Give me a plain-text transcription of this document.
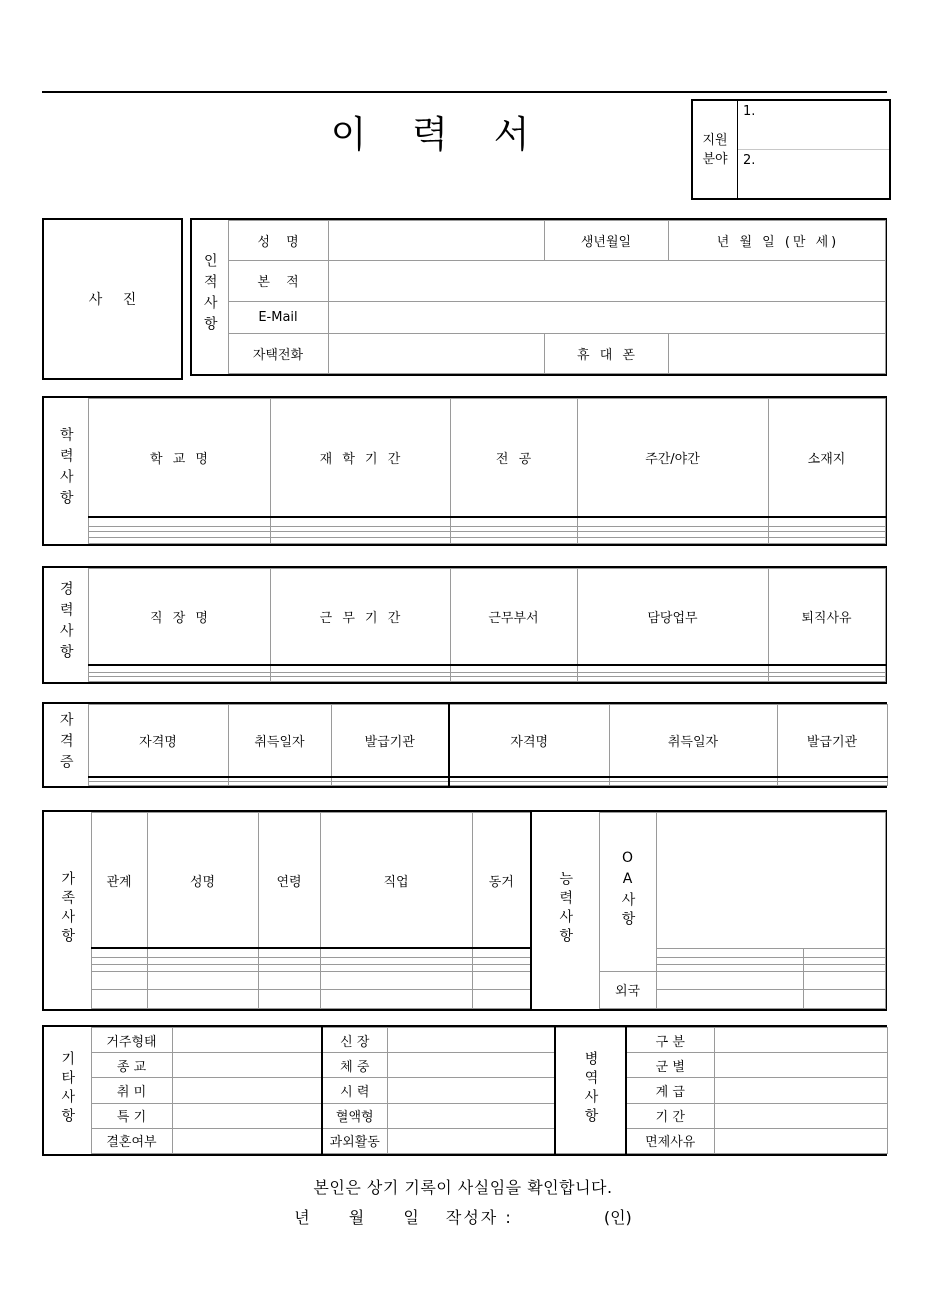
이 력 서	지원
분야
1.
2.
사 진	인적사항	성 명		생년월일	년 월 일 (만 세)
	본 적			
	E-Mail			
	자택전화		휴 대 폰	
학력사항	학 교 명	재 학 기 간	전 공	주간/야간	소재지

경력사항	직 장 명	근 무 기 간	근무부서	담당업무	퇴직사유

자격증	자격명	취득일자	발급기관	자격명	취득일자	발급기관

가족사항	관계	성명	연령	직업	동거	능력사항	OA사항		

							외국		

기타사항	거주형태		신 장		병역사항	구 분	
	종 교		체 중			군 별	
	취 미		시 력			계 급	
	특 기		혈액형			기 간	
	결혼여부		과외활동			면제사유	
본인은 상기 기록이 사실임을 확인합니다.
년 월 일 작성자 :	(인)
